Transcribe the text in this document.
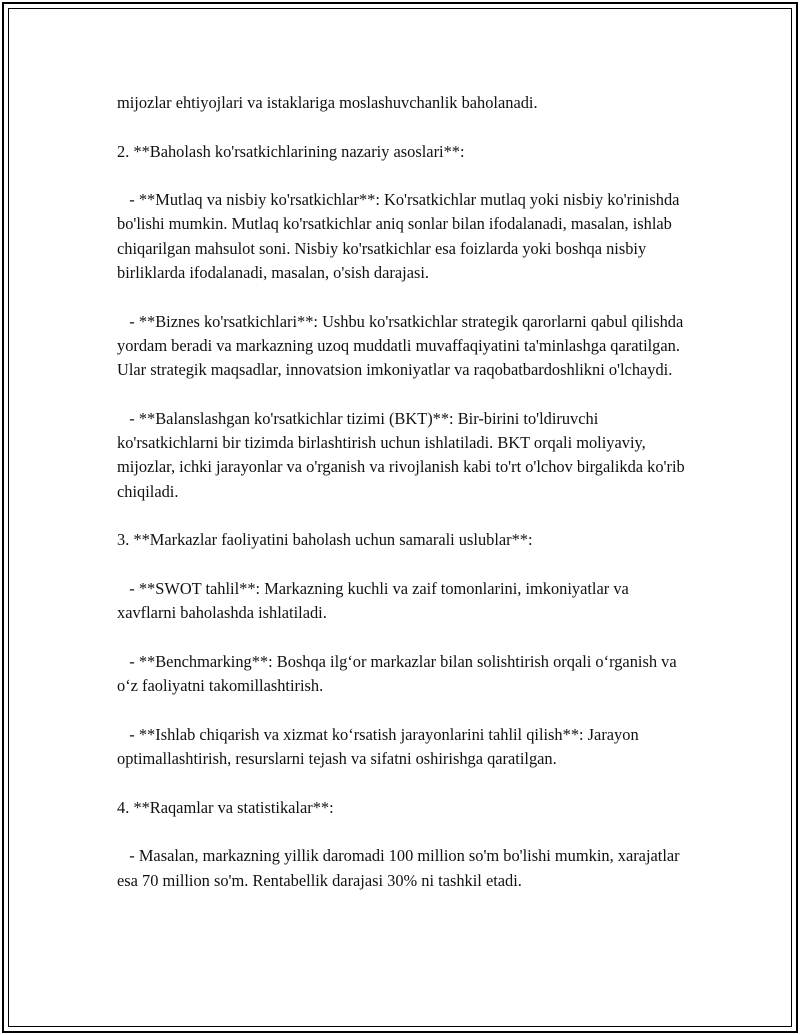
mijozlar ehtiyojlari va istaklariga moslashuvchanlik baholanadi.

2. **Baholash ko'rsatkichlarining nazariy asoslari**:

- **Mutlaq va nisbiy ko'rsatkichlar**: Ko'rsatkichlar mutlaq yoki nisbiy ko'rinishda bo'lishi mumkin. Mutlaq ko'rsatkichlar aniq sonlar bilan ifodalanadi, masalan, ishlab chiqarilgan mahsulot soni. Nisbiy ko'rsatkichlar esa foizlarda yoki boshqa nisbiy birliklarda ifodalanadi, masalan, o'sish darajasi.

- **Biznes ko'rsatkichlari**: Ushbu ko'rsatkichlar strategik qarorlarni qabul qilishda yordam beradi va markazning uzoq muddatli muvaffaqiyatini ta'minlashga qaratilgan. Ular strategik maqsadlar, innovatsion imkoniyatlar va raqobatbardoshlikni o'lchaydi.

- **Balanslashgan ko'rsatkichlar tizimi (BKT)**: Bir-birini to'ldiruvchi ko'rsatkichlarni bir tizimda birlashtirish uchun ishlatiladi. BKT orqali moliyaviy, mijozlar, ichki jarayonlar va o'rganish va rivojlanish kabi to'rt o'lchov birgalikda ko'rib chiqiladi.

3. **Markazlar faoliyatini baholash uchun samarali uslublar**:

- **SWOT tahlil**: Markazning kuchli va zaif tomonlarini, imkoniyatlar va xavflarni baholashda ishlatiladi.

- **Benchmarking**: Boshqa ilg‘or markazlar bilan solishtirish orqali o‘rganish va o‘z faoliyatni takomillashtirish.

- **Ishlab chiqarish va xizmat ko‘rsatish jarayonlarini tahlil qilish**: Jarayon optimallashtirish, resurslarni tejash va sifatni oshirishga qaratilgan.

4. **Raqamlar va statistikalar**:

- Masalan, markazning yillik daromadi 100 million so'm bo'lishi mumkin, xarajatlar esa 70 million so'm. Rentabellik darajasi 30% ni tashkil etadi.
